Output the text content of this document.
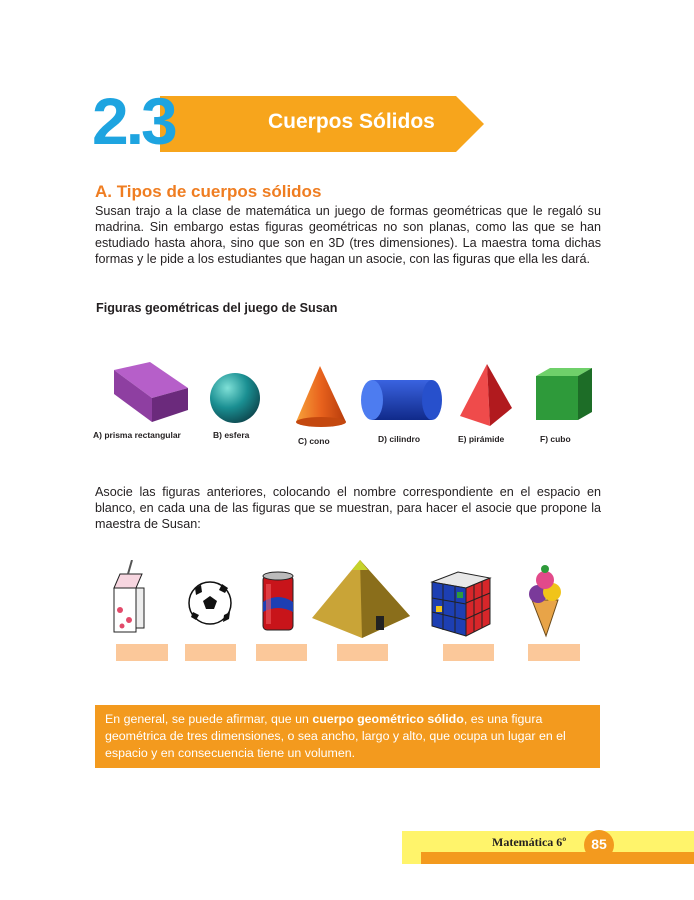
2.3	Cuerpos Sólidos
A. Tipos de cuerpos sólidos
Susan trajo a la clase de matemática un juego de formas geométricas que le regaló su madrina. Sin embargo estas figuras geométricas no son planas, como las que se han estudiado hasta ahora, sino que son en 3D (tres dimensiones). La maestra toma dichas formas y le pide a los estudiantes que hagan un asocie, con las figuras que ella les dará.
Figuras geométricas del juego de Susan
A) prisma rectangular	B) esfera
C) cono	D) cilindro	E) pirámide	F) cubo
Asocie las figuras anteriores, colocando el nombre correspondiente en el espacio en blanco, en cada una de las figuras que se muestran, para hacer el asocie que propone la maestra de Susan:
En general, se puede afirmar, que un cuerpo geométrico sólido, es una figura geométrica de tres dimensiones, o sea ancho, largo y alto, que ocupa un lugar en el espacio y en consecuencia tiene un volumen.
Matemática 6º	85
